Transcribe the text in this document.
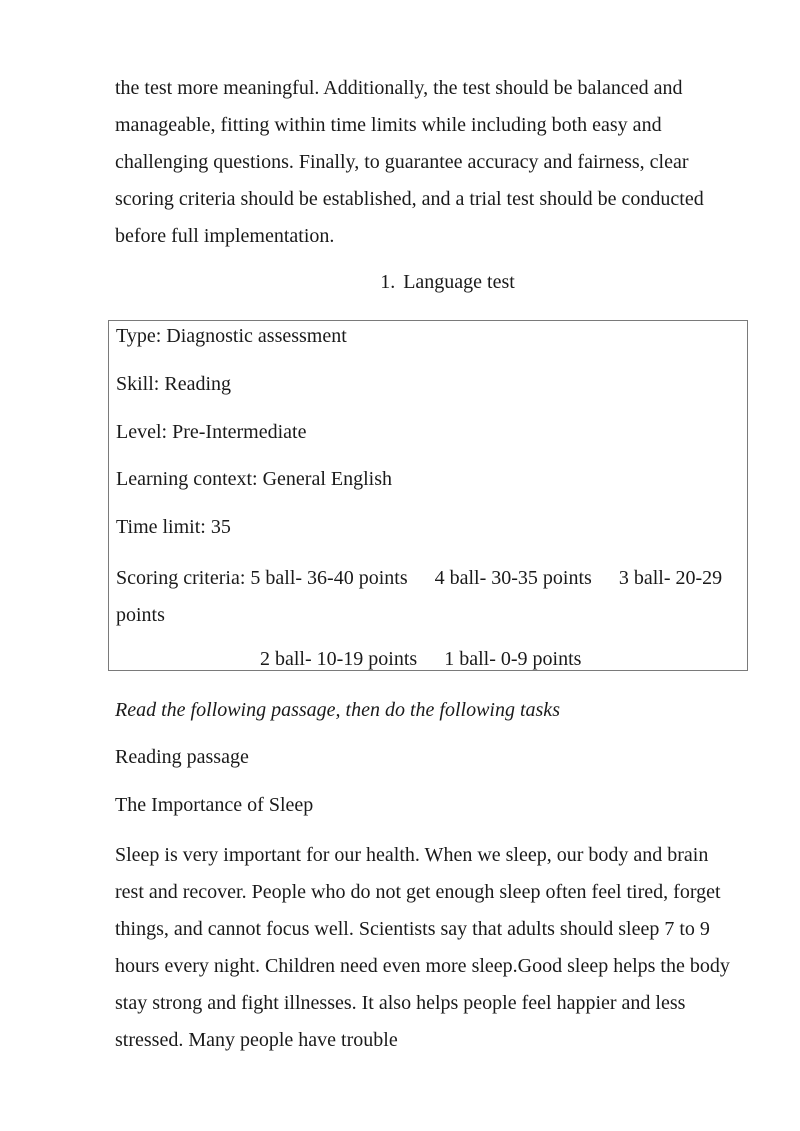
the test more meaningful. Additionally, the test should be balanced and manageable, fitting within time limits while including both easy and challenging questions. Finally, to guarantee accuracy and fairness, clear scoring criteria should be established, and a trial test should be conducted before full implementation.

1. Language test

Type: Diagnostic assessment
Skill: Reading
Level: Pre-Intermediate
Learning context: General English
Time limit: 35
Scoring criteria: 5 ball- 36-40 points 4 ball- 30-35 points 3 ball- 20-29 points
2 ball- 10-19 points 1 ball- 0-9 points
Read the following passage, then do the following tasks
Reading passage
The Importance of Sleep

Sleep is very important for our health. When we sleep, our body and brain rest and recover. People who do not get enough sleep often feel tired, forget things, and cannot focus well. Scientists say that adults should sleep 7 to 9 hours every night. Children need even more sleep.Good sleep helps the body stay strong and fight illnesses. It also helps people feel happier and less stressed. Many people have trouble
